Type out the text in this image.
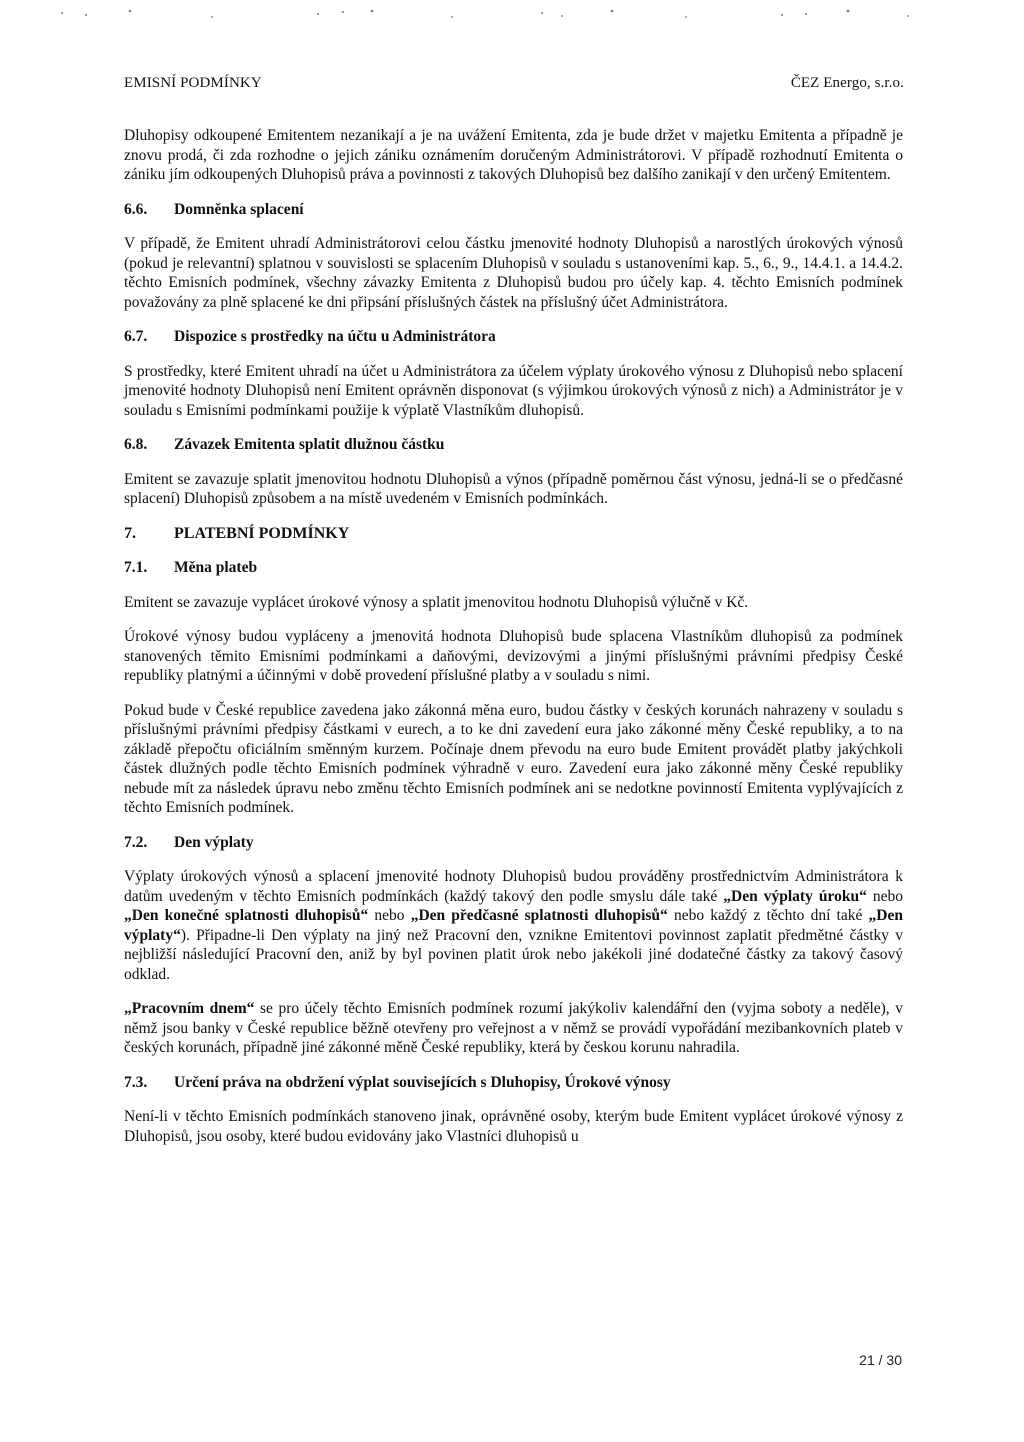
EMISNÍ PODMÍNKY	ČEZ Energo, s.r.o.

Dluhopisy odkoupené Emitentem nezanikají a je na uvážení Emitenta, zda je bude držet v majetku Emitenta a případně je znovu prodá, či zda rozhodne o jejich zániku oznámením doručeným Administrátorovi. V případě rozhodnutí Emitenta o zániku jím odkoupených Dluhopisů práva a povinnosti z takových Dluhopisů bez dalšího zanikají v den určený Emitentem.

6.6.	Domněnka splacení

V případě, že Emitent uhradí Administrátorovi celou částku jmenovité hodnoty Dluhopisů a narostlých úrokových výnosů (pokud je relevantní) splatnou v souvislosti se splacením Dluhopisů v souladu s ustanoveními kap. 5., 6., 9., 14.4.1. a 14.4.2. těchto Emisních podmínek, všechny závazky Emitenta z Dluhopisů budou pro účely kap. 4. těchto Emisních podmínek považovány za plně splacené ke dni připsání příslušných částek na příslušný účet Administrátora.

6.7.	Dispozice s prostředky na účtu u Administrátora

S prostředky, které Emitent uhradí na účet u Administrátora za účelem výplaty úrokového výnosu z Dluhopisů nebo splacení jmenovité hodnoty Dluhopisů není Emitent oprávněn disponovat (s výjimkou úrokových výnosů z nich) a Administrátor je v souladu s Emisními podmínkami použije k výplatě Vlastníkům dluhopisů.

6.8.	Závazek Emitenta splatit dlužnou částku

Emitent se zavazuje splatit jmenovitou hodnotu Dluhopisů a výnos (případně poměrnou část výnosu, jedná-li se o předčasné splacení) Dluhopisů způsobem a na místě uvedeném v Emisních podmínkách.

7.	PLATEBNÍ PODMÍNKY
7.1.	Měna plateb

Emitent se zavazuje vyplácet úrokové výnosy a splatit jmenovitou hodnotu Dluhopisů výlučně v Kč.

Úrokové výnosy budou vypláceny a jmenovitá hodnota Dluhopisů bude splacena Vlastníkům dluhopisů za podmínek stanovených těmito Emisními podmínkami a daňovými, devizovými a jinými příslušnými právními předpisy České republiky platnými a účinnými v době provedení příslušné platby a v souladu s nimi.

Pokud bude v České republice zavedena jako zákonná měna euro, budou částky v českých korunách nahrazeny v souladu s příslušnými právními předpisy částkami v eurech, a to ke dni zavedení eura jako zákonné měny České republiky, a to na základě přepočtu oficiálním směnným kurzem. Počínaje dnem převodu na euro bude Emitent provádět platby jakýchkoli částek dlužných podle těchto Emisních podmínek výhradně v euro. Zavedení eura jako zákonné měny České republiky nebude mít za následek úpravu nebo změnu těchto Emisních podmínek ani se nedotkne povinností Emitenta vyplývajících z těchto Emisních podmínek.

7.2.	Den výplaty

Výplaty úrokových výnosů a splacení jmenovité hodnoty Dluhopisů budou prováděny prostřednictvím Administrátora k datům uvedeným v těchto Emisních podmínkách (každý takový den podle smyslu dále také „Den výplaty úroku“ nebo „Den konečné splatnosti dluhopisů“ nebo „Den předčasné splatnosti dluhopisů“ nebo každý z těchto dní také „Den výplaty“). Připadne-li Den výplaty na jiný než Pracovní den, vznikne Emitentovi povinnost zaplatit předmětné částky v nejbližší následující Pracovní den, aniž by byl povinen platit úrok nebo jakékoli jiné dodatečné částky za takový časový odklad.

„Pracovním dnem“ se pro účely těchto Emisních podmínek rozumí jakýkoliv kalendářní den (vyjma soboty a neděle), v němž jsou banky v České republice běžně otevřeny pro veřejnost a v němž se provádí vypořádání mezibankovních plateb v českých korunách, případně jiné zákonné měně České republiky, která by českou korunu nahradila.

7.3.	Určení práva na obdržení výplat souvisejících s Dluhopisy, Úrokové výnosy

Není-li v těchto Emisních podmínkách stanoveno jinak, oprávněné osoby, kterým bude Emitent vyplácet úrokové výnosy z Dluhopisů, jsou osoby, které budou evidovány jako Vlastníci dluhopisů u

21 / 30
